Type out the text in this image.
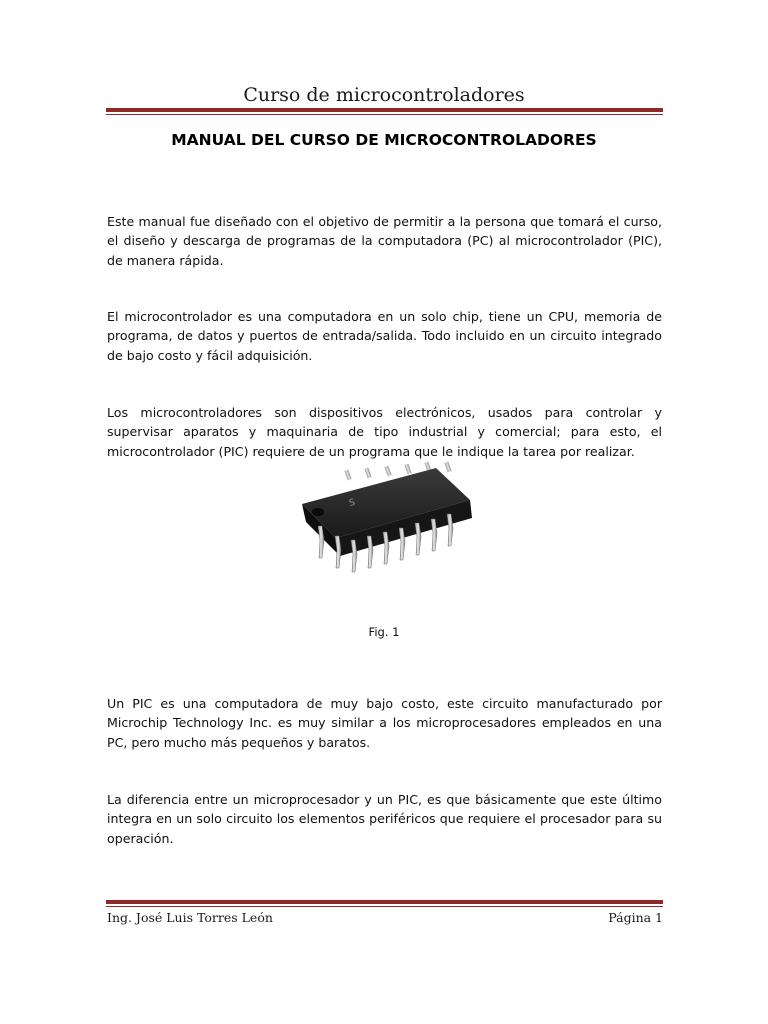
Curso de microcontroladores
MANUAL DEL CURSO DE MICROCONTROLADORES

Este manual fue diseñado con el objetivo de permitir a la persona que tomará el curso, el diseño y descarga de programas de la computadora (PC) al microcontrolador (PIC), de manera rápida.

El microcontrolador es una computadora en un solo chip, tiene un CPU, memoria de programa, de datos y puertos de entrada/salida. Todo incluido en un circuito integrado de bajo costo y fácil adquisición.

Los microcontroladores son dispositivos electrónicos, usados para controlar y supervisar aparatos y maquinaria de tipo industrial y comercial; para esto, el microcontrolador (PIC) requiere de un programa que le indique la tarea por realizar.

S
Fig. 1

Un PIC es una computadora de muy bajo costo, este circuito manufacturado por Microchip Technology Inc. es muy similar a los microprocesadores empleados en una PC, pero mucho más pequeños y baratos.

La diferencia entre un microprocesador y un PIC, es que básicamente que este último integra en un solo circuito los elementos periféricos que requiere el procesador para su operación.

Ing. José Luis Torres León	Página 1
